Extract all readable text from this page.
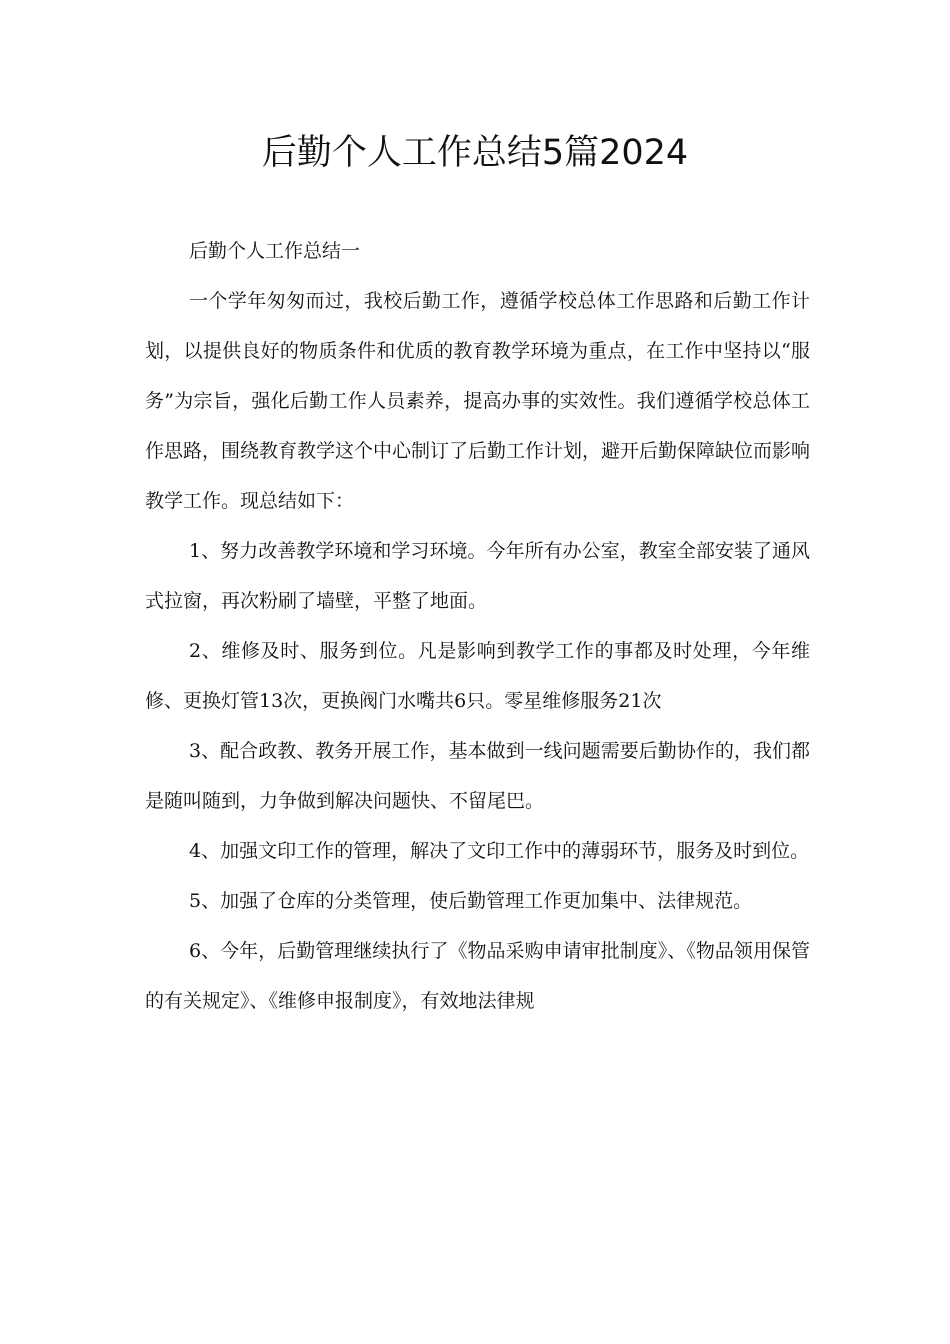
后勤个人工作总结5篇2024

后勤个人工作总结一

一个学年匆匆而过，我校后勤工作，遵循学校总体工作思路和后勤工作计划，以提供良好的物质条件和优质的教育教学环境为重点，在工作中坚持以“服务”为宗旨，强化后勤工作人员素养，提高办事的实效性。我们遵循学校总体工作思路，围绕教育教学这个中心制订了后勤工作计划，避开后勤保障缺位而影响教学工作。现总结如下：

1、努力改善教学环境和学习环境。今年所有办公室，教室全部安装了通风式拉窗，再次粉刷了墙壁，平整了地面。

2、维修及时、服务到位。凡是影响到教学工作的事都及时处理，今年维修、更换灯管13次，更换阀门水嘴共6只。零星维修服务21次

3、配合政教、教务开展工作，基本做到一线问题需要后勤协作的，我们都是随叫随到，力争做到解决问题快、不留尾巴。

4、加强文印工作的管理，解决了文印工作中的薄弱环节，服务及时到位。

5、加强了仓库的分类管理，使后勤管理工作更加集中、法律规范。

6、今年，后勤管理继续执行了《物品采购申请审批制度》、《物品领用保管的有关规定》、《维修申报制度》，有效地法律规
